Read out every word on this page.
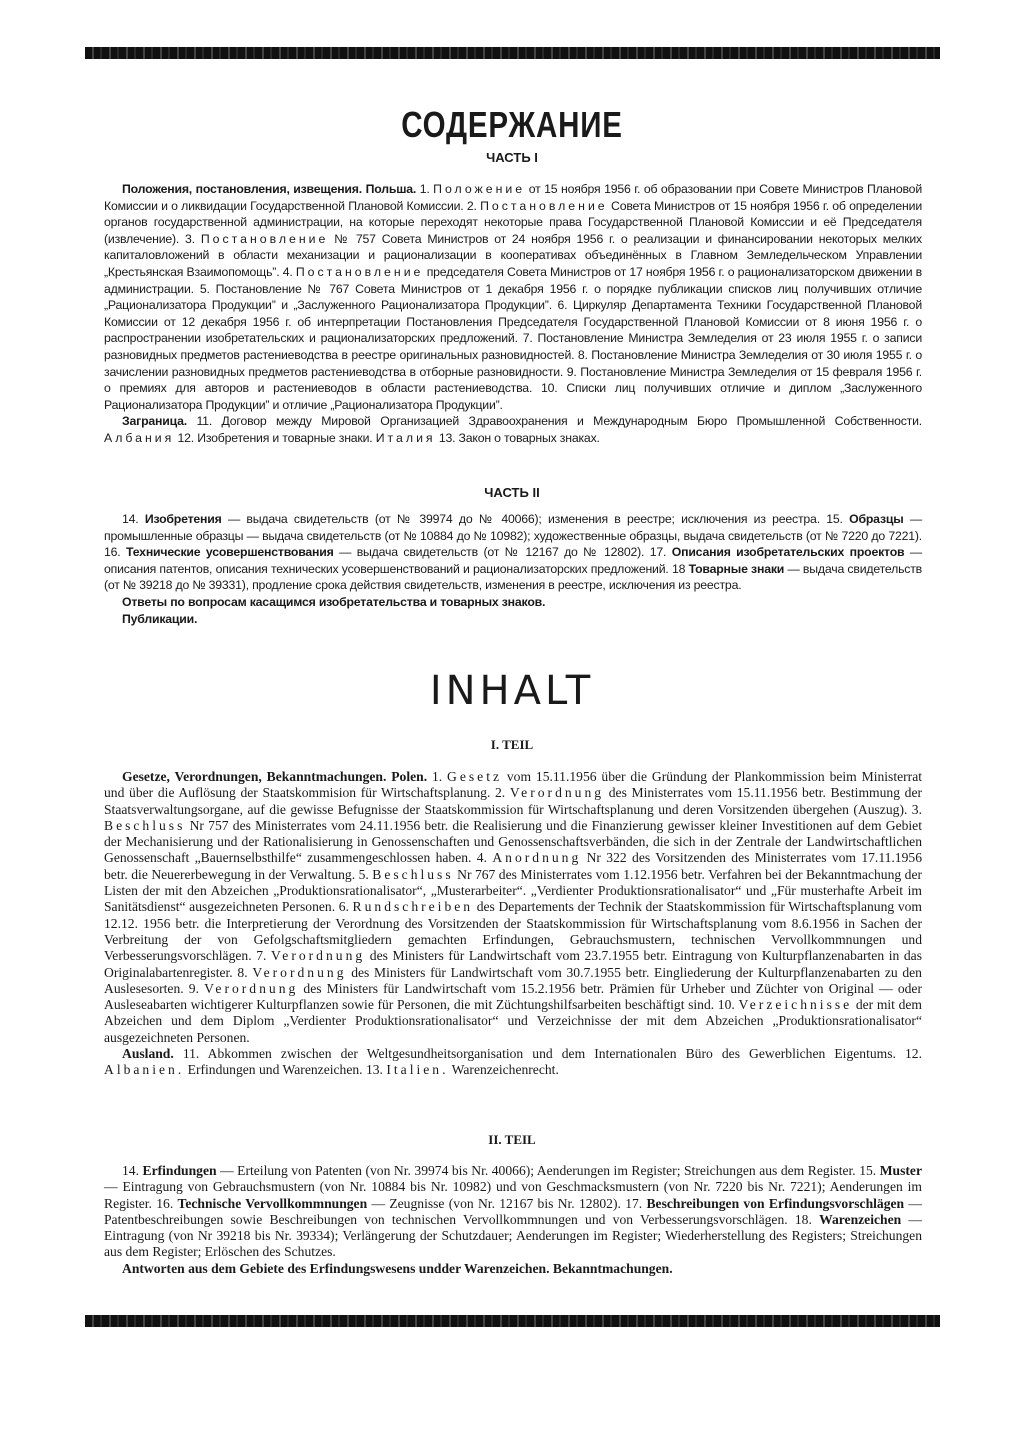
СОДЕРЖАНИЕ
ЧАСТЬ I

Положения, постановления, извещения. Польша. 1. Положение от 15 ноября 1956 г. об образовании при Совете Министров Плановой Комиссии и о ликвидации Государственной Плановой Комиссии. 2. Постановление Совета Министров от 15 ноября 1956 г. об определении органов государственной администрации, на которые переходят некоторые права Государственной Плановой Комиссии и её Председателя (извлечение). 3. Постановление № 757 Совета Министров от 24 ноября 1956 г. о реализации и финансировании некоторых мелких капиталовложений в области механизации и рационализации в кооперативах объединённых в Главном Земледельческом Управлении „Крестьянская Взаимопомощь”. 4. Постановление председателя Совета Министров от 17 ноября 1956 г. о рационализаторском движении в администрации. 5. Постановление № 767 Совета Министров от 1 декабря 1956 г. о порядке публикации списков лиц получивших отличие „Рационализатора Продукции” и „Заслуженного Рационализатора Продукции”. 6. Циркуляр Департамента Техники Государственной Плановой Комиссии от 12 декабря 1956 г. об интерпретации Постановления Председателя Государственной Плановой Комиссии от 8 июня 1956 г. о распространении изобретательских и рационализаторских предложений. 7. Постановление Министра Земледелия от 23 июля 1955 г. о записи разновидных предметов растениеводства в реестре оригинальных разновидностей. 8. Постановление Министра Земледелия от 30 июля 1955 г. о зачислении разновидных предметов растениеводства в отборные разновидности. 9. Постановление Министра Земледелия от 15 февраля 1956 г. о премиях для авторов и растениеводов в области растениеводства. 10. Списки лиц получивших отличие и диплом „Заслуженного Рационализатора Продукции” и отличие „Рационализатора Продукции”.

Заграница. 11. Договор между Мировой Организацией Здравоохранения и Международным Бюро Промышленной Собственности. Албания 12. Изобретения и товарные знаки. Италия 13. Закон о товарных знаках.

ЧАСТЬ II

14. Изобретения — выдача свидетельств (от № 39974 до № 40066); изменения в реестре; исключения из реестра. 15. Образцы — промышленные образцы — выдача свидетельств (от № 10884 до № 10982); художественные образцы, выдача свидетельств (от № 7220 до 7221). 16. Технические усовершенствования — выдача свидетельств (от № 12167 до № 12802). 17. Описания изобретательских проектов — описания патентов, описания технических усовершенствований и рационализаторских предложений. 18 Товарные знаки — выдача свидетельств (от № 39218 до № 39331), продление срока действия свидетельств, изменения в реестре, исключения из реестра.

Ответы по вопросам касащимся изобретательства и товарных знаков.

Публикации.

INHALT
I. TEIL

Gesetze, Verordnungen, Bekanntmachungen. Polen. 1. Gesetz vom 15.11.1956 über die Gründung der Plankommission beim Ministerrat und über die Auflösung der Staatskommision für Wirtschaftsplanung. 2. Verordnung des Ministerrates vom 15.11.1956 betr. Bestimmung der Staatsverwaltungsorgane, auf die gewisse Befugnisse der Staatskommission für Wirtschaftsplanung und deren Vorsitzenden übergehen (Auszug). 3. Beschluss Nr 757 des Ministerrates vom 24.11.1956 betr. die Realisierung und die Finanzierung gewisser kleiner Investitionen auf dem Gebiet der Mechanisierung und der Rationalisierung in Genossenschaften und Genossenschaftsverbänden, die sich in der Zentrale der Landwirtschaftlichen Genossenschaft „Bauernselbsthilfe“ zusammengeschlossen haben. 4. Anordnung Nr 322 des Vorsitzenden des Ministerrates vom 17.11.1956 betr. die Neuererbewegung in der Verwaltung. 5. Beschluss Nr 767 des Ministerrates vom 1.12.1956 betr. Verfahren bei der Bekanntmachung der Listen der mit den Abzeichen „Produktionsrationalisator“, „Musterarbeiter“. „Verdienter Produktionsrationalisator“ und „Für musterhafte Arbeit im Sanitätsdienst“ ausgezeichneten Personen. 6. Rundschreiben des Departements der Technik der Staatskommission für Wirtschaftsplanung vom 12.12. 1956 betr. die Interpretierung der Verordnung des Vorsitzenden der Staatskommission für Wirtschaftsplanung vom 8.6.1956 in Sachen der Verbreitung der von Gefolgschaftsmitgliedern gemachten Erfindungen, Gebrauchsmustern, technischen Vervollkommnungen und Verbesserungsvorschlägen. 7. Verordnung des Ministers für Landwirtschaft vom 23.7.1955 betr. Eintragung von Kulturpflanzenabarten in das Originalabartenregister. 8. Verordnung des Ministers für Landwirtschaft vom 30.7.1955 betr. Eingliederung der Kulturpflanzenabarten zu den Auslesesorten. 9. Verordnung des Ministers für Landwirtschaft vom 15.2.1956 betr. Prämien für Urheber und Züchter von Original — oder Ausleseabarten wichtigerer Kulturpflanzen sowie für Personen, die mit Züchtungshilfsarbeiten beschäftigt sind. 10. Verzeichnisse der mit dem Abzeichen und dem Diplom „Verdienter Produktionsrationalisator“ und Verzeichnisse der mit dem Abzeichen „Produktionsrationalisator“ ausgezeichneten Personen.

Ausland. 11. Abkommen zwischen der Weltgesundheitsorganisation und dem Internationalen Büro des Gewerblichen Eigentums. 12. Albanien. Erfindungen und Warenzeichen. 13. Italien. Warenzeichenrecht.

II. TEIL

14. Erfindungen — Erteilung von Patenten (von Nr. 39974 bis Nr. 40066); Aenderungen im Register; Streichungen aus dem Register. 15. Muster — Eintragung von Gebrauchsmustern (von Nr. 10884 bis Nr. 10982) und von Geschmacksmustern (von Nr. 7220 bis Nr. 7221); Aenderungen im Register. 16. Technische Vervollkommnungen — Zeugnisse (von Nr. 12167 bis Nr. 12802). 17. Beschreibungen von Erfindungsvorschlägen — Patentbeschreibungen sowie Beschreibungen von technischen Vervollkommnungen und von Verbesserungsvorschlägen. 18. Warenzeichen — Eintragung (von Nr 39218 bis Nr. 39334); Verlängerung der Schutzdauer; Aenderungen im Register; Wiederherstellung des Registers; Streichungen aus dem Register; Erlöschen des Schutzes.

Antworten aus dem Gebiete des Erfindungswesens undder Warenzeichen. Bekanntmachungen.
